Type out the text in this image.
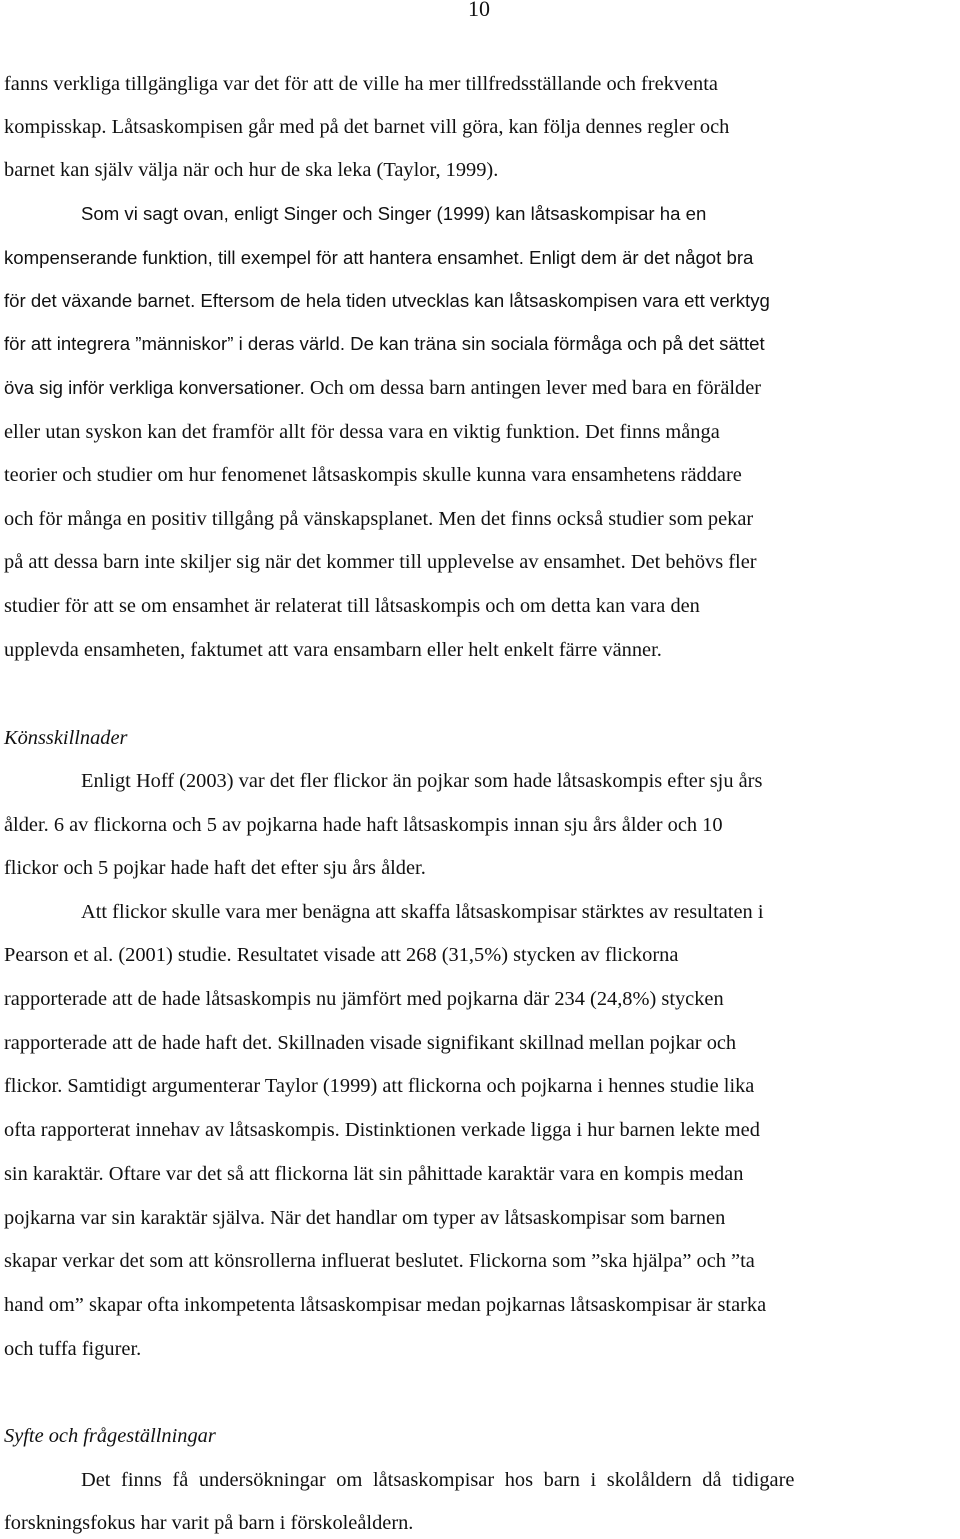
10
fanns verkliga tillgängliga var det för att de ville ha mer tillfredsställande och frekventa
kompisskap. Låtsaskompisen går med på det barnet vill göra, kan följa dennes regler och
barnet kan själv välja när och hur de ska leka (Taylor, 1999).
Som vi sagt ovan, enligt Singer och Singer (1999) kan låtsaskompisar ha en
kompenserande funktion, till exempel för att hantera ensamhet. Enligt dem är det något bra
för det växande barnet. Eftersom de hela tiden utvecklas kan låtsaskompisen vara ett verktyg
för att integrera ”människor” i deras värld. De kan träna sin sociala förmåga och på det sättet
öva sig inför verkliga konversationer. Och om dessa barn antingen lever med bara en förälder
eller utan syskon kan det framför allt för dessa vara en viktig funktion. Det finns många
teorier och studier om hur fenomenet låtsaskompis skulle kunna vara ensamhetens räddare
och för många en positiv tillgång på vänskapsplanet. Men det finns också studier som pekar
på att dessa barn inte skiljer sig när det kommer till upplevelse av ensamhet. Det behövs fler
studier för att se om ensamhet är relaterat till låtsaskompis och om detta kan vara den
upplevda ensamheten, faktumet att vara ensambarn eller helt enkelt färre vänner.
Könsskillnader
Enligt Hoff (2003) var det fler flickor än pojkar som hade låtsaskompis efter sju års
ålder. 6 av flickorna och 5 av pojkarna hade haft låtsaskompis innan sju års ålder och 10
flickor och 5 pojkar hade haft det efter sju års ålder.
Att flickor skulle vara mer benägna att skaffa låtsaskompisar stärktes av resultaten i
Pearson et al. (2001) studie. Resultatet visade att 268 (31,5%) stycken av flickorna
rapporterade att de hade låtsaskompis nu jämfört med pojkarna där 234 (24,8%) stycken
rapporterade att de hade haft det. Skillnaden visade signifikant skillnad mellan pojkar och
flickor. Samtidigt argumenterar Taylor (1999) att flickorna och pojkarna i hennes studie lika
ofta rapporterat innehav av låtsaskompis. Distinktionen verkade ligga i hur barnen lekte med
sin karaktär. Oftare var det så att flickorna lät sin påhittade karaktär vara en kompis medan
pojkarna var sin karaktär själva. När det handlar om typer av låtsaskompisar som barnen
skapar verkar det som att könsrollerna influerat beslutet. Flickorna som ”ska hjälpa” och ”ta
hand om” skapar ofta inkompetenta låtsaskompisar medan pojkarnas låtsaskompisar är starka
och tuffa figurer.
Syfte och frågeställningar
Det finns få undersökningar om låtsaskompisar hos barn i skolåldern då tidigare
forskningsfokus har varit på barn i förskoleåldern.
